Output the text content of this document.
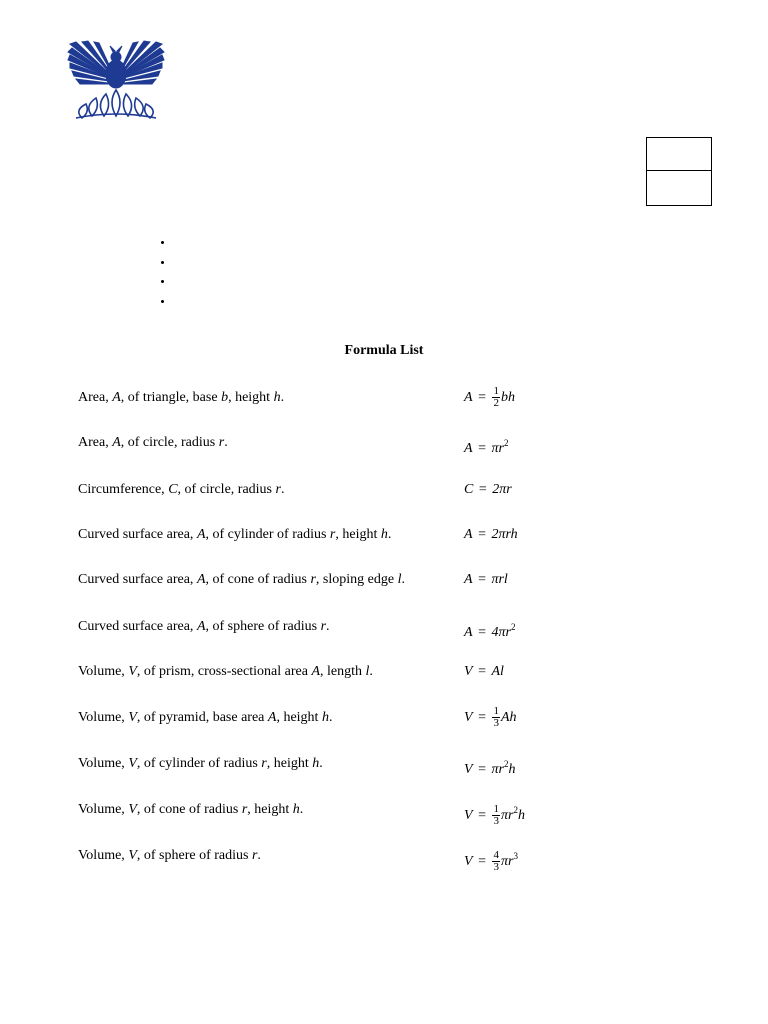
Formula List
Area, A, of triangle, base b, height h.	$A = \frac{1}{2}$ bh
Area, A, of circle, radius r.	$A = \pi r^2$
Circumference, C, of circle, radius r.	C = 2πr
Curved surface area, A, of cylinder of radius r, height h.	A = 2πrh
Curved surface area, A, of cone of radius r, sloping edge l.	A = πrl
Curved surface area, A, of sphere of radius r.	$A = 4\pi r^2$
Volume, V, of prism, cross-sectional area A, length l.	V = Al
Volume, V, of pyramid, base area A, height h.	$V = \frac{1}{3}$ Ah
Volume, V, of cylinder of radius r, height h.	$V = \pi r^2h$
Volume, V, of cone of radius r, height h.	$V = \frac{1}{3} \pi r^2h$
Volume, V, of sphere of radius r.	$V = \frac{4}{3} \pi r^3$
